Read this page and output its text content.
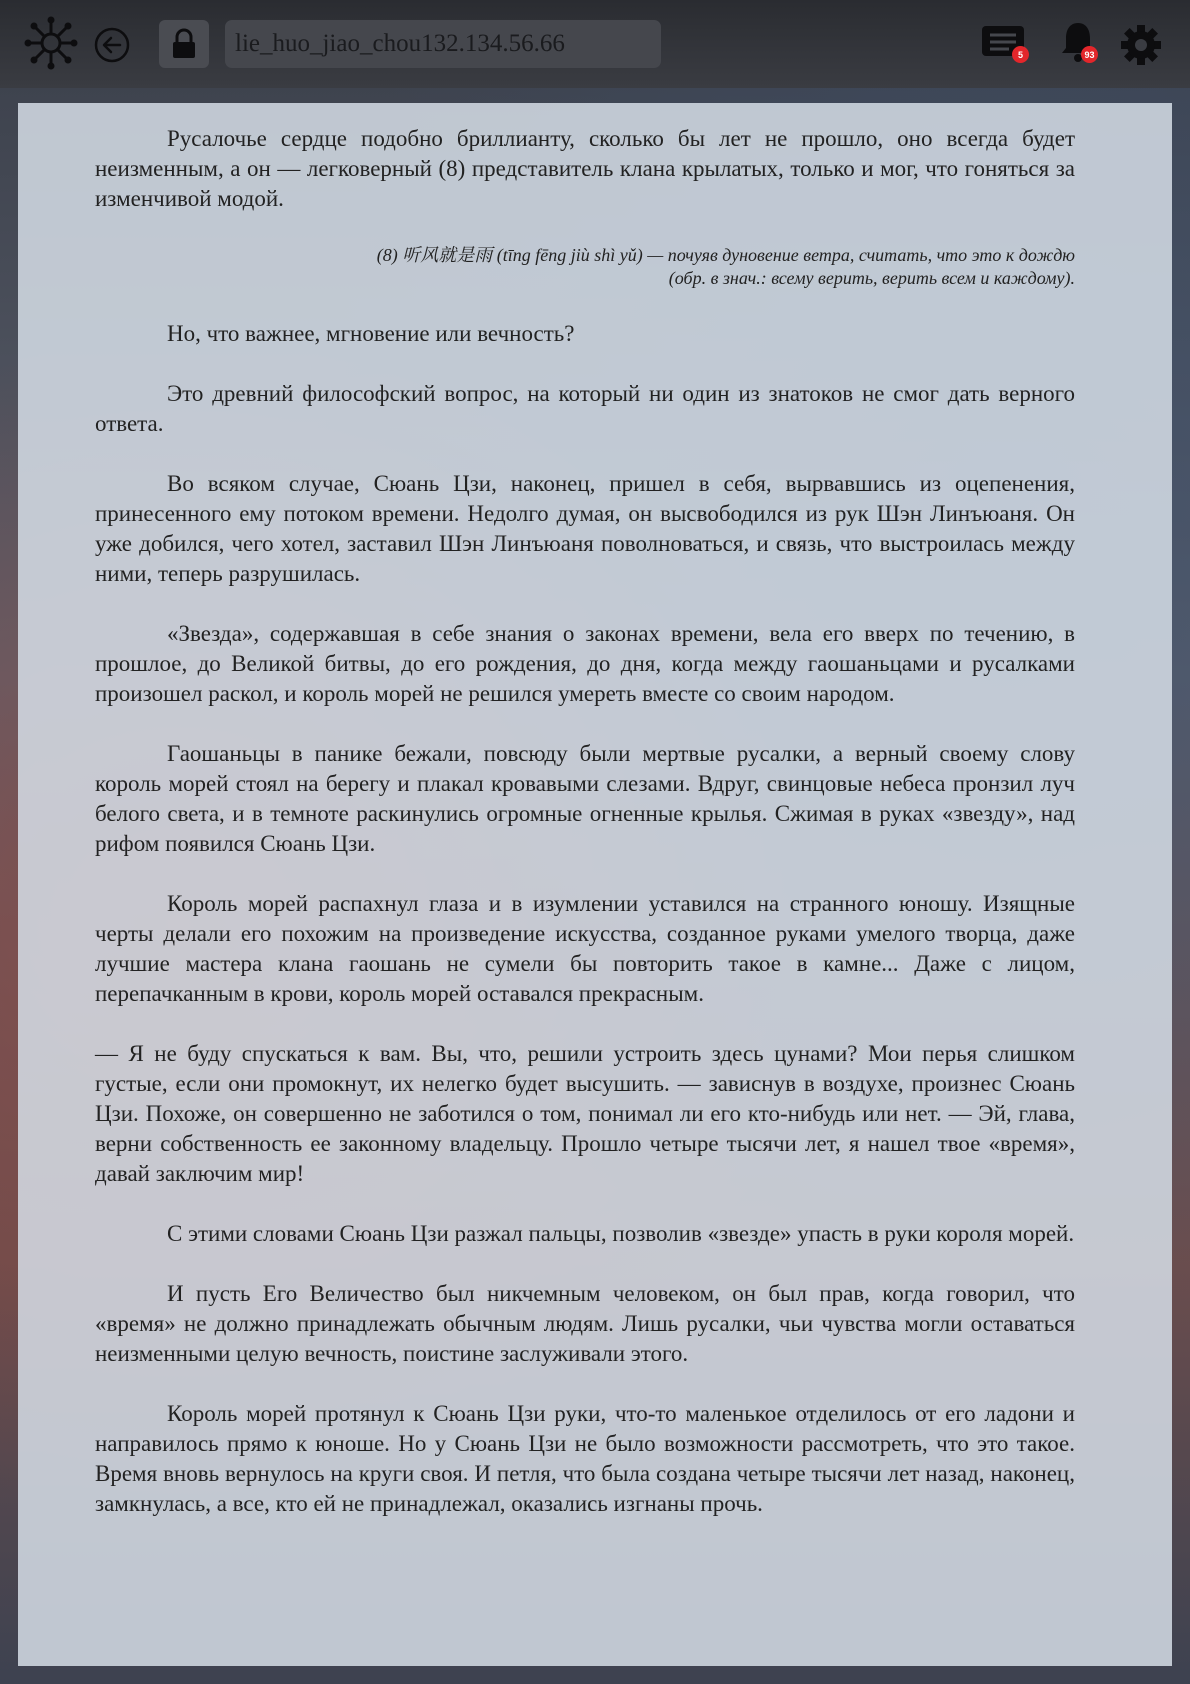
lie_huo_jiao_chou132.134.56.66
5	93

Русалочье сердце подобно бриллианту, сколько бы лет не прошло, оно всегда будет неизменным, а он — легковерный (8) представитель клана крылатых, только и мог, что гоняться за изменчивой модой.

(8) 听风就是雨 (tīng fēng jiù shì yǔ) — почуяв дуновение ветра, считать, что это к дождю
(обр. в знач.: всему верить, верить всем и каждому).

Но, что важнее, мгновение или вечность?

Это древний философский вопрос, на который ни один из знатоков не смог дать верного ответа.

Во всяком случае, Сюань Цзи, наконец, пришел в себя, вырвавшись из оцепенения, принесенного ему потоком времени. Недолго думая, он высвободился из рук Шэн Линъюаня. Он уже добился, чего хотел, заставил Шэн Линъюаня поволноваться, и связь, что выстроилась между ними, теперь разрушилась.

«Звезда», содержавшая в себе знания о законах времени, вела его вверх по течению, в прошлое, до Великой битвы, до его рождения, до дня, когда между гаошаньцами и русалками произошел раскол, и король морей не решился умереть вместе со своим народом.

Гаошаньцы в панике бежали, повсюду были мертвые русалки, а верный своему слову король морей стоял на берегу и плакал кровавыми слезами. Вдруг, свинцовые небеса пронзил луч белого света, и в темноте раскинулись огромные огненные крылья. Сжимая в руках «звезду», над рифом появился Сюань Цзи.

Король морей распахнул глаза и в изумлении уставился на странного юношу. Изящные черты делали его похожим на произведение искусства, созданное руками умелого творца, даже лучшие мастера клана гаошань не сумели бы повторить такое в камне... Даже с лицом, перепачканным в крови, король морей оставался прекрасным.

— Я не буду спускаться к вам. Вы, что, решили устроить здесь цунами? Мои перья слишком густые, если они промокнут, их нелегко будет высушить. — зависнув в воздухе, произнес Сюань Цзи. Похоже, он совершенно не заботился о том, понимал ли его кто-нибудь или нет. — Эй, глава, верни собственность ее законному владельцу. Прошло четыре тысячи лет, я нашел твое «время», давай заключим мир!

С этими словами Сюань Цзи разжал пальцы, позволив «звезде» упасть в руки короля морей.

И пусть Его Величество был никчемным человеком, он был прав, когда говорил, что «время» не должно принадлежать обычным людям. Лишь русалки, чьи чувства могли оставаться неизменными целую вечность, поистине заслуживали этого.

Король морей протянул к Сюань Цзи руки, что-то маленькое отделилось от его ладони и направилось прямо к юноше. Но у Сюань Цзи не было возможности рассмотреть, что это такое. Время вновь вернулось на круги своя. И петля, что была создана четыре тысячи лет назад, наконец, замкнулась, а все, кто ей не принадлежал, оказались изгнаны прочь.
